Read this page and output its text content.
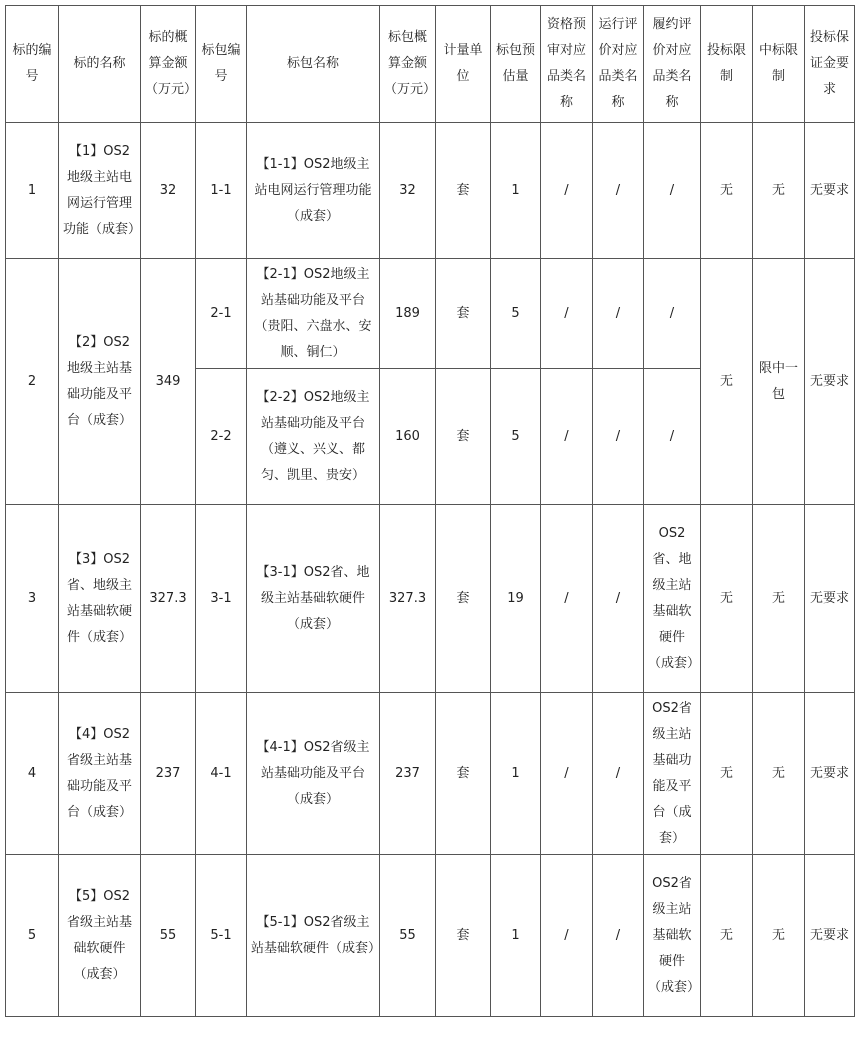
标的编号	标的名称	标的概算金额（万元）	标包编号	标包名称	标包概算金额（万元）	计量单位	标包预估量	资格预审对应品类名称	运行评价对应品类名称	履约评价对应品类名称	投标限制	中标限制	投标保证金要求
1	【1】OS2地级主站电网运行管理功能（成套）	32	1-1	【1-1】OS2地级主站电网运行管理功能（成套）	32	套	1	/	/	/	无	无	无要求
2	【2】OS2地级主站基础功能及平台（成套）	349	2-1	【2-1】OS2地级主站基础功能及平台（贵阳、六盘水、安顺、铜仁）	189	套	5	/	/	/	无	限中一包	无要求
			2-2	【2-2】OS2地级主站基础功能及平台（遵义、兴义、都匀、凯里、贵安）	160	套	5	/	/	/			
3	【3】OS2省、地级主站基础软硬件（成套）	327.3	3-1	【3-1】OS2省、地级主站基础软硬件（成套）	327.3	套	19	/	/	OS2省、地级主站基础软硬件（成套）	无	无	无要求
4	【4】OS2省级主站基础功能及平台（成套）	237	4-1	【4-1】OS2省级主站基础功能及平台（成套）	237	套	1	/	/	OS2省级主站基础功能及平台（成套）	无	无	无要求
5	【5】OS2省级主站基础软硬件（成套）	55	5-1	【5-1】OS2省级主站基础软硬件（成套）	55	套	1	/	/	OS2省级主站基础软硬件（成套）	无	无	无要求
